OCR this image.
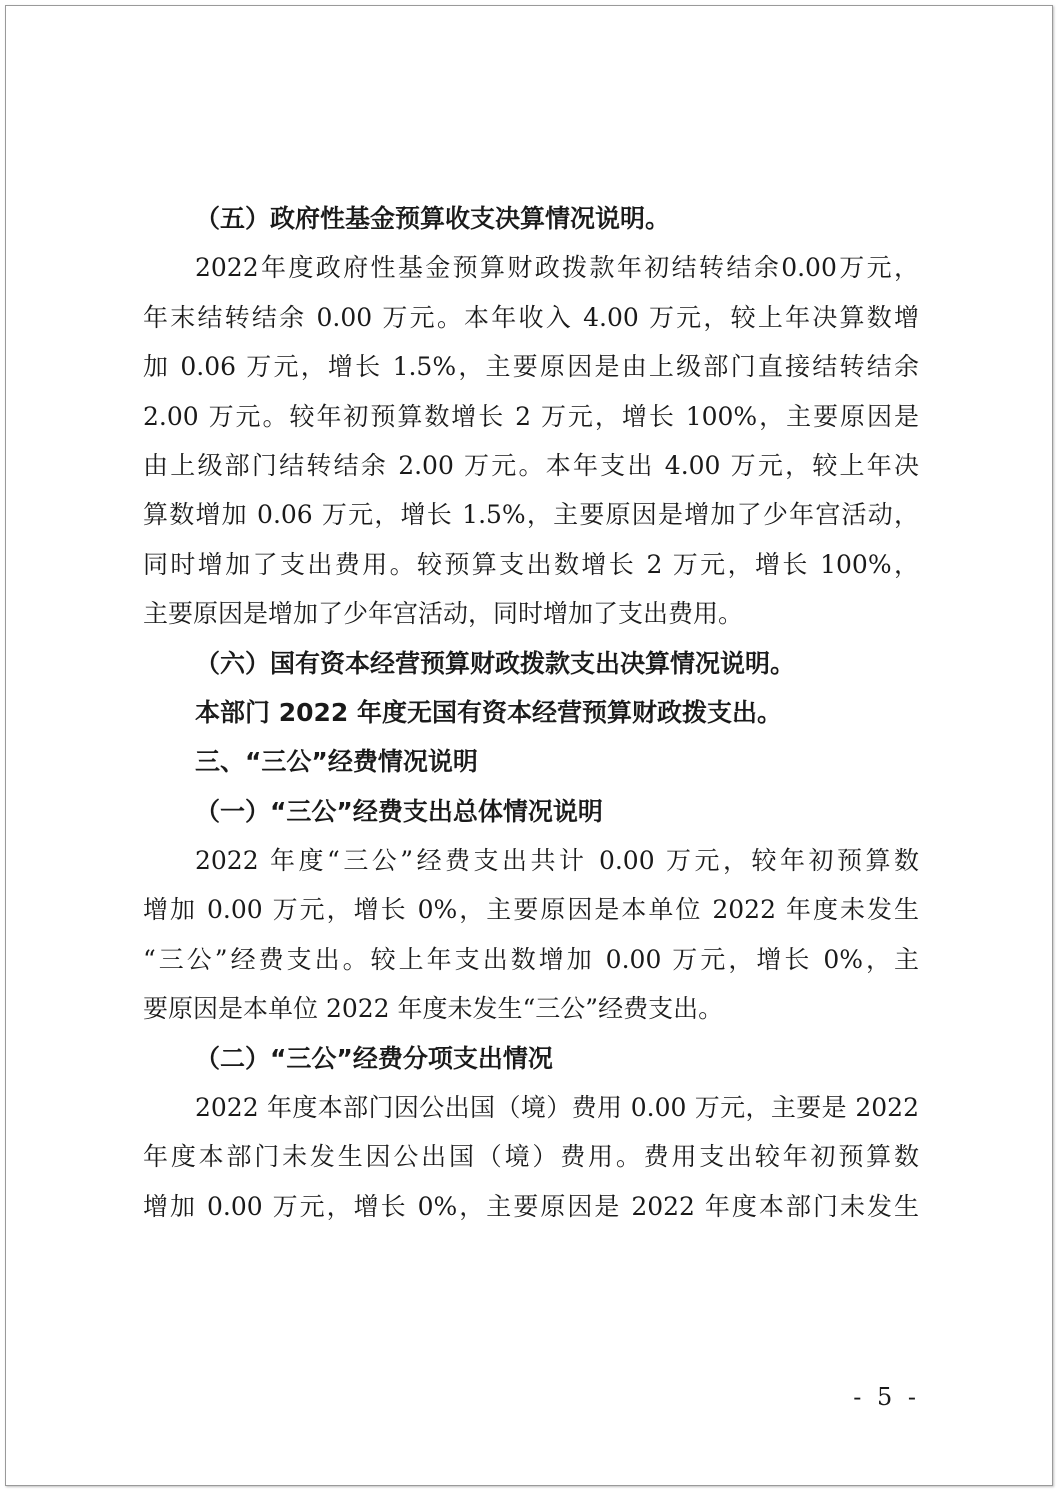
（五）政府性基金预算收支决算情况说明。
2022年度政府性基金预算财政拨款年初结转结余0.00万元，
年末结转结余 0.00 万元。本年收入 4.00 万元，较上年决算数增
加 0.06 万元，增长 1.5%，主要原因是由上级部门直接结转结余
2.00 万元。较年初预算数增长 2 万元，增长 100%，主要原因是
由上级部门结转结余 2.00 万元。本年支出 4.00 万元，较上年决
算数增加 0.06 万元，增长 1.5%，主要原因是增加了少年宫活动，
同时增加了支出费用。较预算支出数增长 2 万元，增长 100%，
主要原因是增加了少年宫活动，同时增加了支出费用。
（六）国有资本经营预算财政拨款支出决算情况说明。
本部门 2022 年度无国有资本经营预算财政拨支出。
三、“三公”经费情况说明
（一）“三公”经费支出总体情况说明
2022 年度“三公”经费支出共计 0.00 万元，较年初预算数
增加 0.00 万元，增长 0%，主要原因是本单位 2022 年度未发生
“三公”经费支出。较上年支出数增加 0.00 万元，增长 0%，主
要原因是本单位 2022 年度未发生“三公”经费支出。
（二）“三公”经费分项支出情况
2022 年度本部门因公出国（境）费用 0.00 万元，主要是 2022
年度本部门未发生因公出国（境）费用。费用支出较年初预算数
增加 0.00 万元，增长 0%，主要原因是 2022 年度本部门未发生
- 5 -
